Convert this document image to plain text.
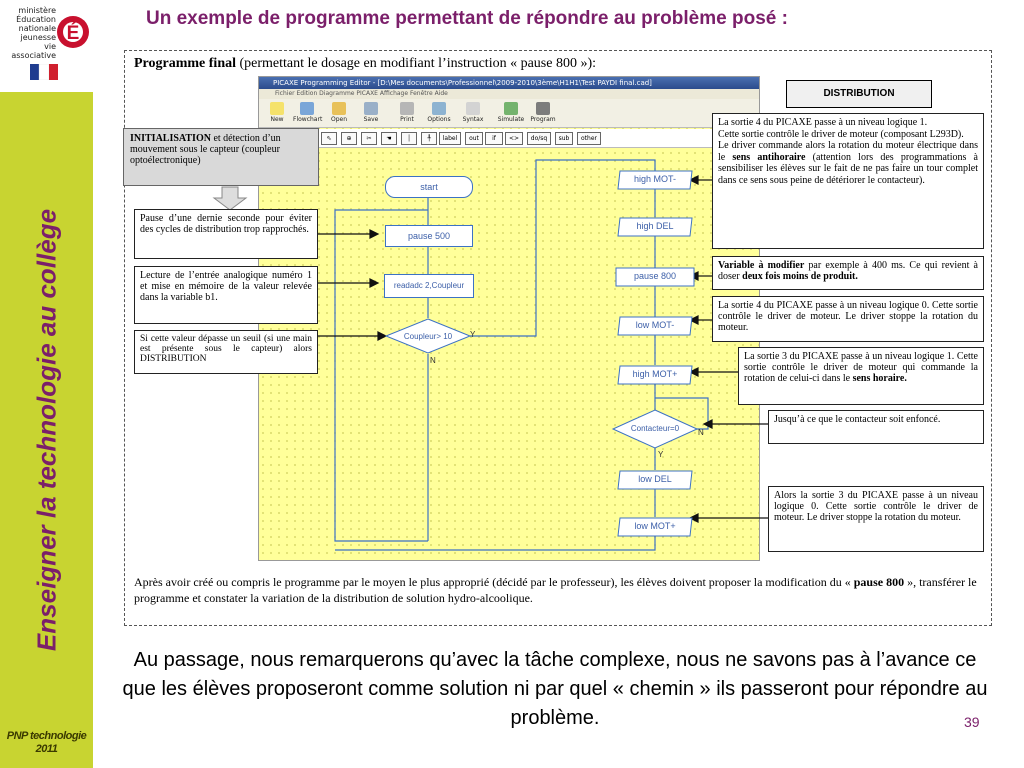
ministère
Éducation
nationale
jeunesse
vie associative
É
Enseigner la technologie au collège
PNP technologie
2011
Un exemple de programme permettant de répondre au problème posé :
Programme final (permettant le dosage en modifiant l’instruction « pause 800 »):
PICAXE Programming Editor - [D:\Mes documents\Professionnel\2009-2010\3ème\H1H1\Test PAYDI final.cad]
Fichier Edition Diagramme PICAXE Affichage Fenêtre Aide
New	Flowchart	Open	Save	Print	Options	Syntax	Simulate Program
⇖	⊕	✂	☚	│	╀	label	out	if	<>	do/sq	sub	other
start
pause 500
readadc 2,Coupleur
Coupleur> 10 Y
N
high MOT-
high DEL
pause 800
low MOT-
high MOT+
Contacteur=0	N
Y
low DEL
low MOT+
DISTRIBUTION
INITIALISATION et détection d’un mouvement sous le capteur (coupleur optoélectronique)
Pause d’une dernie seconde pour éviter des cycles de distribution trop rapprochés.
Lecture de l’entrée analogique numéro 1 et mise en mémoire de la valeur relevée dans la variable b1.
Si cette valeur dépasse un seuil (si une main est présente sous le capteur) alors DISTRIBUTION
La sortie 4 du PICAXE passe à un niveau logique 1.
Cette sortie contrôle le driver de moteur (composant L293D).
Le driver commande alors la rotation du moteur électrique dans le sens antihoraire (attention lors des programmations à sensibiliser les élèves sur le fait de ne pas faire un tour complet dans ce sens sous peine de détériorer le contacteur).
Variable à modifier par exemple à 400 ms. Ce qui revient à doser deux fois moins de produit.
La sortie 4 du PICAXE passe à un niveau logique 0. Cette sortie contrôle le driver de moteur. Le driver stoppe la rotation du moteur.
La sortie 3 du PICAXE passe à un niveau logique 1. Cette sortie contrôle le driver de moteur qui commande la rotation de celui-ci dans le sens horaire.
Jusqu’à ce que le contacteur soit enfoncé.
Alors la sortie 3 du PICAXE passe à un niveau logique 0. Cette sortie contrôle le driver de moteur. Le driver stoppe la rotation du moteur.
Après avoir créé ou compris le programme par le moyen le plus approprié (décidé par le professeur), les élèves doivent proposer la modification du « pause 800 », transférer le programme et constater la variation de la distribution de solution hydro-alcoolique.
Au passage, nous remarquerons qu’avec la tâche complexe, nous ne savons pas à l’avance ce que les élèves proposeront comme solution ni par quel « chemin » ils passeront pour répondre au problème.	39
